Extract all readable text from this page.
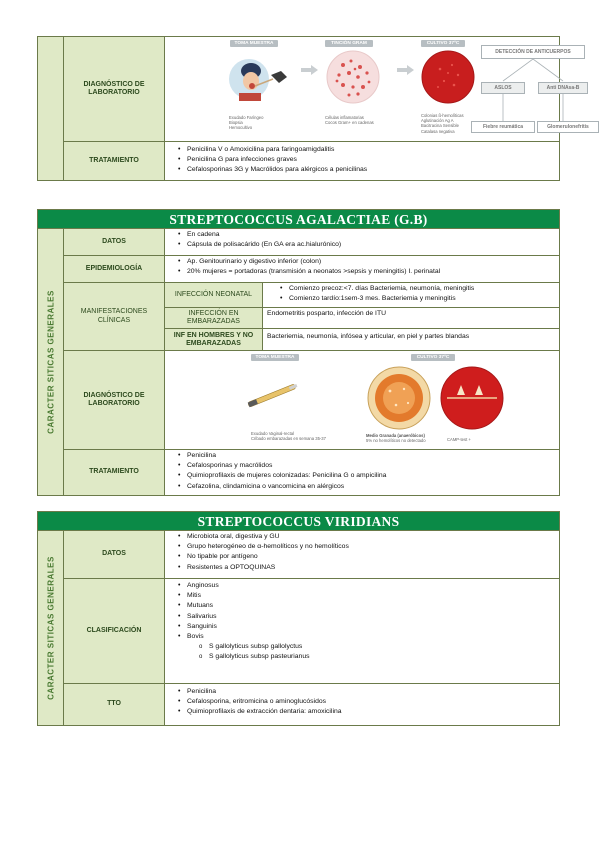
DIAGNÓSTICO DE LABORATORIO
TOMA MUESTRA	TINCIÓN GRAM	CULTIVO 37ºC
Exudado Faríngeo
Biopsia
Hemocultivo
Células inflamatorias
Cocos Gram+ en cadenas
Colonias ß-hemolíticas
Aglutinación Ag A
Bacitracina Sensible
Catalasa negativa
DETECCIÓN DE ANTICUERPOS
ASLOS	Anti DNAsa-B
Fiebre reumática	Glomerulonefritis
TRATAMIENTO
• Penicilina V o Amoxicilina para faringoamigdalitis
• Penicilina G para infecciones graves
• Cefalosporinas 3G y Macrólidos para alérgicos a penicilinas
STREPTOCOCCUS AGALACTIAE (G.B)
CARACTER SITICAS GENERALES
DATOS
• En cadena
• Cápsula de polisacárido (En GA era ac.hialurónico)
EPIDEMIOLOGÍA
• Ap. Genitourinario y digestivo inferior (colon)
• 20% mujeres = portadoras (transmisión a neonatos >sepsis y meningitis) I. perinatal
MANIFESTACIONES CLÍNICAS
INFECCIÓN NEONATAL
• Comienzo precoz:<7. días Bacteriemia, neumonía, meningitis
• Comienzo tardío:1sem-3 mes. Bacteriemia y meningitis
INFECCIÓN EN EMBARAZADAS
Endometritis posparto, infección de ITU
INF EN HOMBRES Y NO EMBARAZADAS
Bacteriemia, neumonía, infósea y articular, en piel y partes blandas
DIAGNÓSTICO DE LABORATORIO
TOMA MUESTRA	CULTIVO 37ºC
Exudado Vaginal-rectal
Cribado embarazadas en semana 35-37
Medio Granada (anaeróbicos)
5% no hemolíticos no detectado	CAMP-test +
TRATAMIENTO
• Penicilina
• Cefalosporinas y macrólidos
• Quimioprofilaxis de mujeres colonizadas: Penicilina G o ampicilina
• Cefazolina, clindamicina o vancomicina en alérgicos
STREPTOCOCCUS VIRIDIANS
CARACTER SITICAS GENERALES
DATOS
• Microbiota oral, digestiva y GU
• Grupo heterogéneo de α-hemolíticos y no hemolíticos
• No tipable por antígeno
• Resistentes a OPTOQUINAS
CLASIFICACIÓN
• Anginosus
• Mitis
• Mutuans
• Salivarius
• Sanguinis
• Bovis
o S gallolyticus subsp gallolyctus
o S gallolyticus subsp pasteurianus
TTO
• Penicilina
• Cefalosporina, eritromicina o aminoglucósidos
• Quimioprofilaxis de extracción dentaria: amoxicilina
